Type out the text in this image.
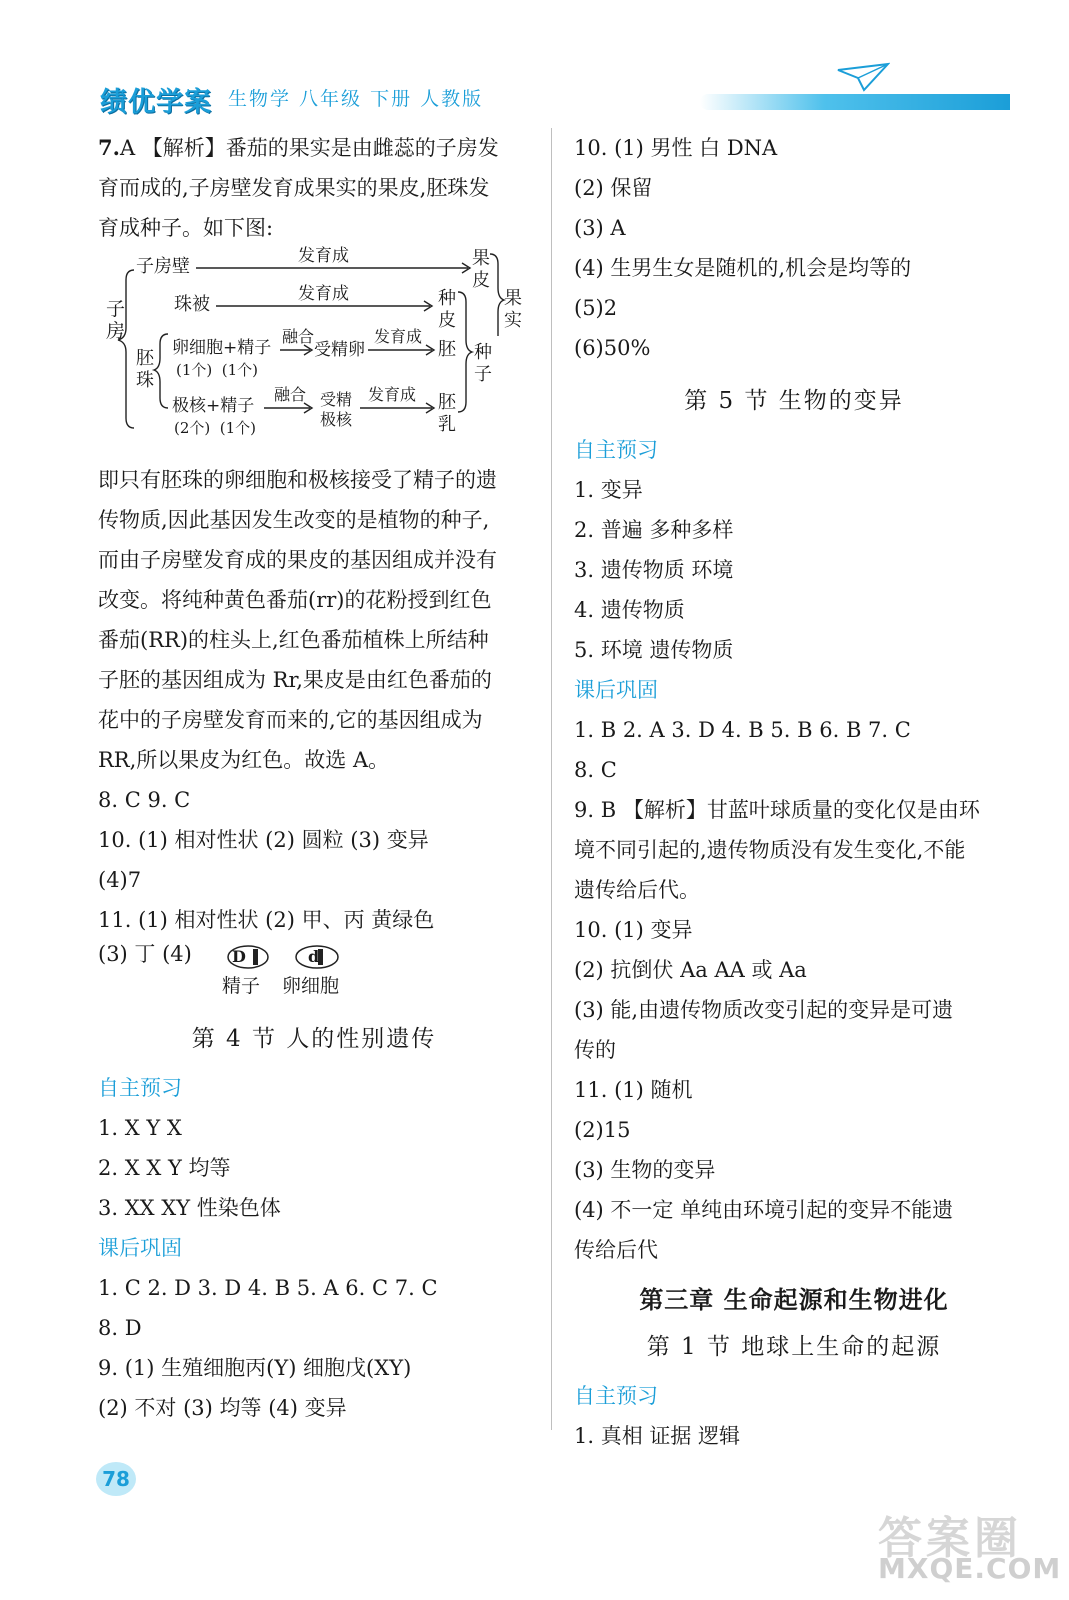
绩优学案 生物学 八年级 下册 人教版
7.A 【解析】番茄的果实是由雌蕊的子房发
育而成的,子房壁发育成果实的果皮,胚珠发
育成种子。如下图:
子房
子房壁	发育成	果皮
果实
珠被	发育成	种皮
胚珠
卵细胞+精子
(1个)  (1个)
融合
受精卵
发育成
胚 种子
极核+精子
(2个)  (1个)
融合 受精
极核
发育成 胚乳
即只有胚珠的卵细胞和极核接受了精子的遗
传物质,因此基因发生改变的是植物的种子,
而由子房壁发育成的果皮的基因组成并没有
改变。将纯种黄色番茄(rr)的花粉授到红色
番茄(RR)的柱头上,红色番茄植株上所结种
子胚的基因组成为 Rr,果皮是由红色番茄的
花中的子房壁发育而来的,它的基因组成为
RR,所以果皮为红色。故选 A。
8. C 9. C
10. (1) 相对性状 (2) 圆粒 (3) 变异
(4)7
11. (1) 相对性状 (2) 甲、丙 黄绿色
(3) 丁 (4)	D	d
精子 卵细胞
第 4 节 人的性别遗传
自主预习
1. X Y X
2. X X Y 均等
3. XX XY 性染色体
课后巩固
1. C 2. D 3. D 4. B 5. A 6. C 7. C
8. D
9. (1) 生殖细胞丙(Y) 细胞戊(XY)
(2) 不对 (3) 均等 (4) 变异
10. (1) 男性 白 DNA
(2) 保留
(3) A
(4) 生男生女是随机的,机会是均等的
(5)2
(6)50%
第 5 节 生物的变异
自主预习
1. 变异
2. 普遍 多种多样
3. 遗传物质 环境
4. 遗传物质
5. 环境 遗传物质
课后巩固
1. B 2. A 3. D 4. B 5. B 6. B 7. C
8. C
9. B 【解析】甘蓝叶球质量的变化仅是由环
境不同引起的,遗传物质没有发生变化,不能
遗传给后代。
10. (1) 变异
(2) 抗倒伏 Aa AA 或 Aa
(3) 能,由遗传物质改变引起的变异是可遗
传的
11. (1) 随机
(2)15
(3) 生物的变异
(4) 不一定 单纯由环境引起的变异不能遗
传给后代
第三章 生命起源和生物进化
第 1 节 地球上生命的起源
自主预习
1. 真相 证据 逻辑
78
答案圈
MXQE.COM
